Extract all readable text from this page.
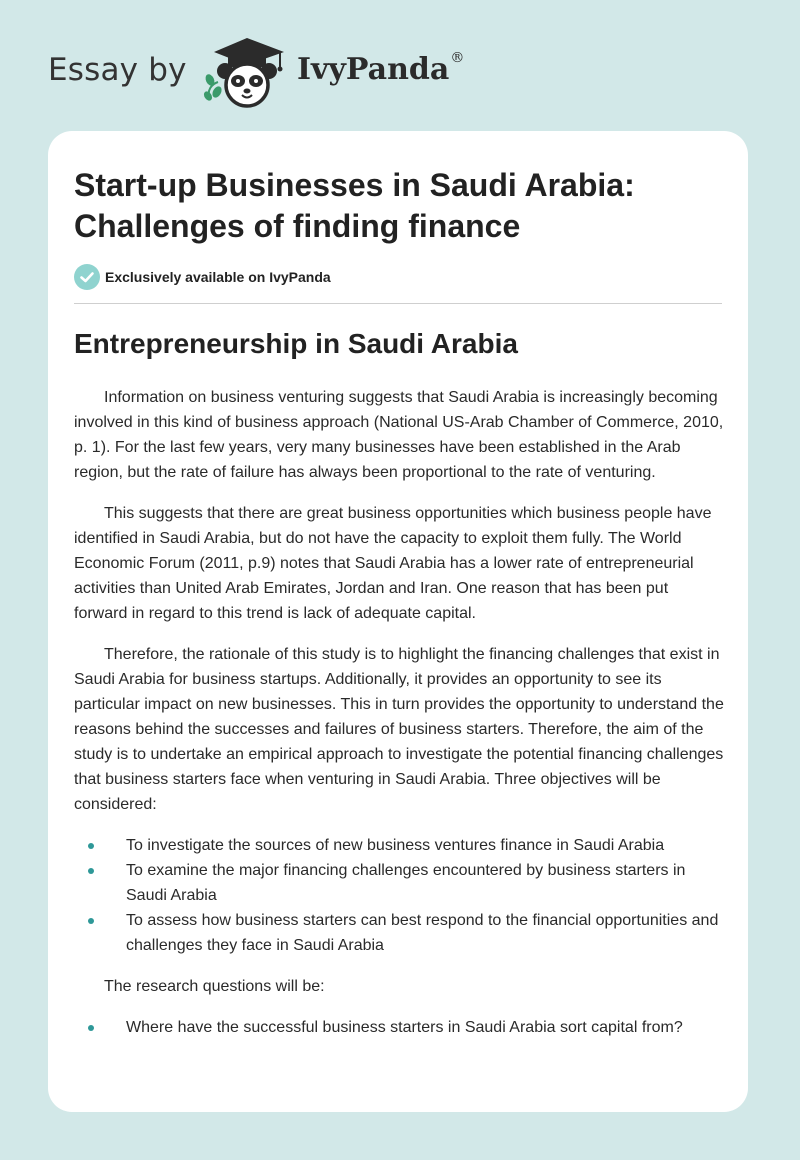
Essay by	IvyPanda®
Start-up Businesses in Saudi Arabia: Challenges of finding finance
Exclusively available on IvyPanda
Entrepreneurship in Saudi Arabia

Information on business venturing suggests that Saudi Arabia is increasingly becoming involved in this kind of business approach (National US-Arab Chamber of Commerce, 2010, p. 1). For the last few years, very many businesses have been established in the Arab region, but the rate of failure has always been proportional to the rate of venturing.

This suggests that there are great business opportunities which business people have identified in Saudi Arabia, but do not have the capacity to exploit them fully. The World Economic Forum (2011, p.9) notes that Saudi Arabia has a lower rate of entrepreneurial activities than United Arab Emirates, Jordan and Iran. One reason that has been put forward in regard to this trend is lack of adequate capital.

Therefore, the rationale of this study is to highlight the financing challenges that exist in Saudi Arabia for business startups. Additionally, it provides an opportunity to see its particular impact on new businesses. This in turn provides the opportunity to understand the reasons behind the successes and failures of business starters. Therefore, the aim of the study is to undertake an empirical approach to investigate the potential financing challenges that business starters face when venturing in Saudi Arabia. Three objectives will be considered:

To investigate the sources of new business ventures finance in Saudi Arabia
To examine the major financing challenges encountered by business starters in Saudi Arabia
To assess how business starters can best respond to the financial opportunities and challenges they face in Saudi Arabia

The research questions will be:

Where have the successful business starters in Saudi Arabia sort capital from?
